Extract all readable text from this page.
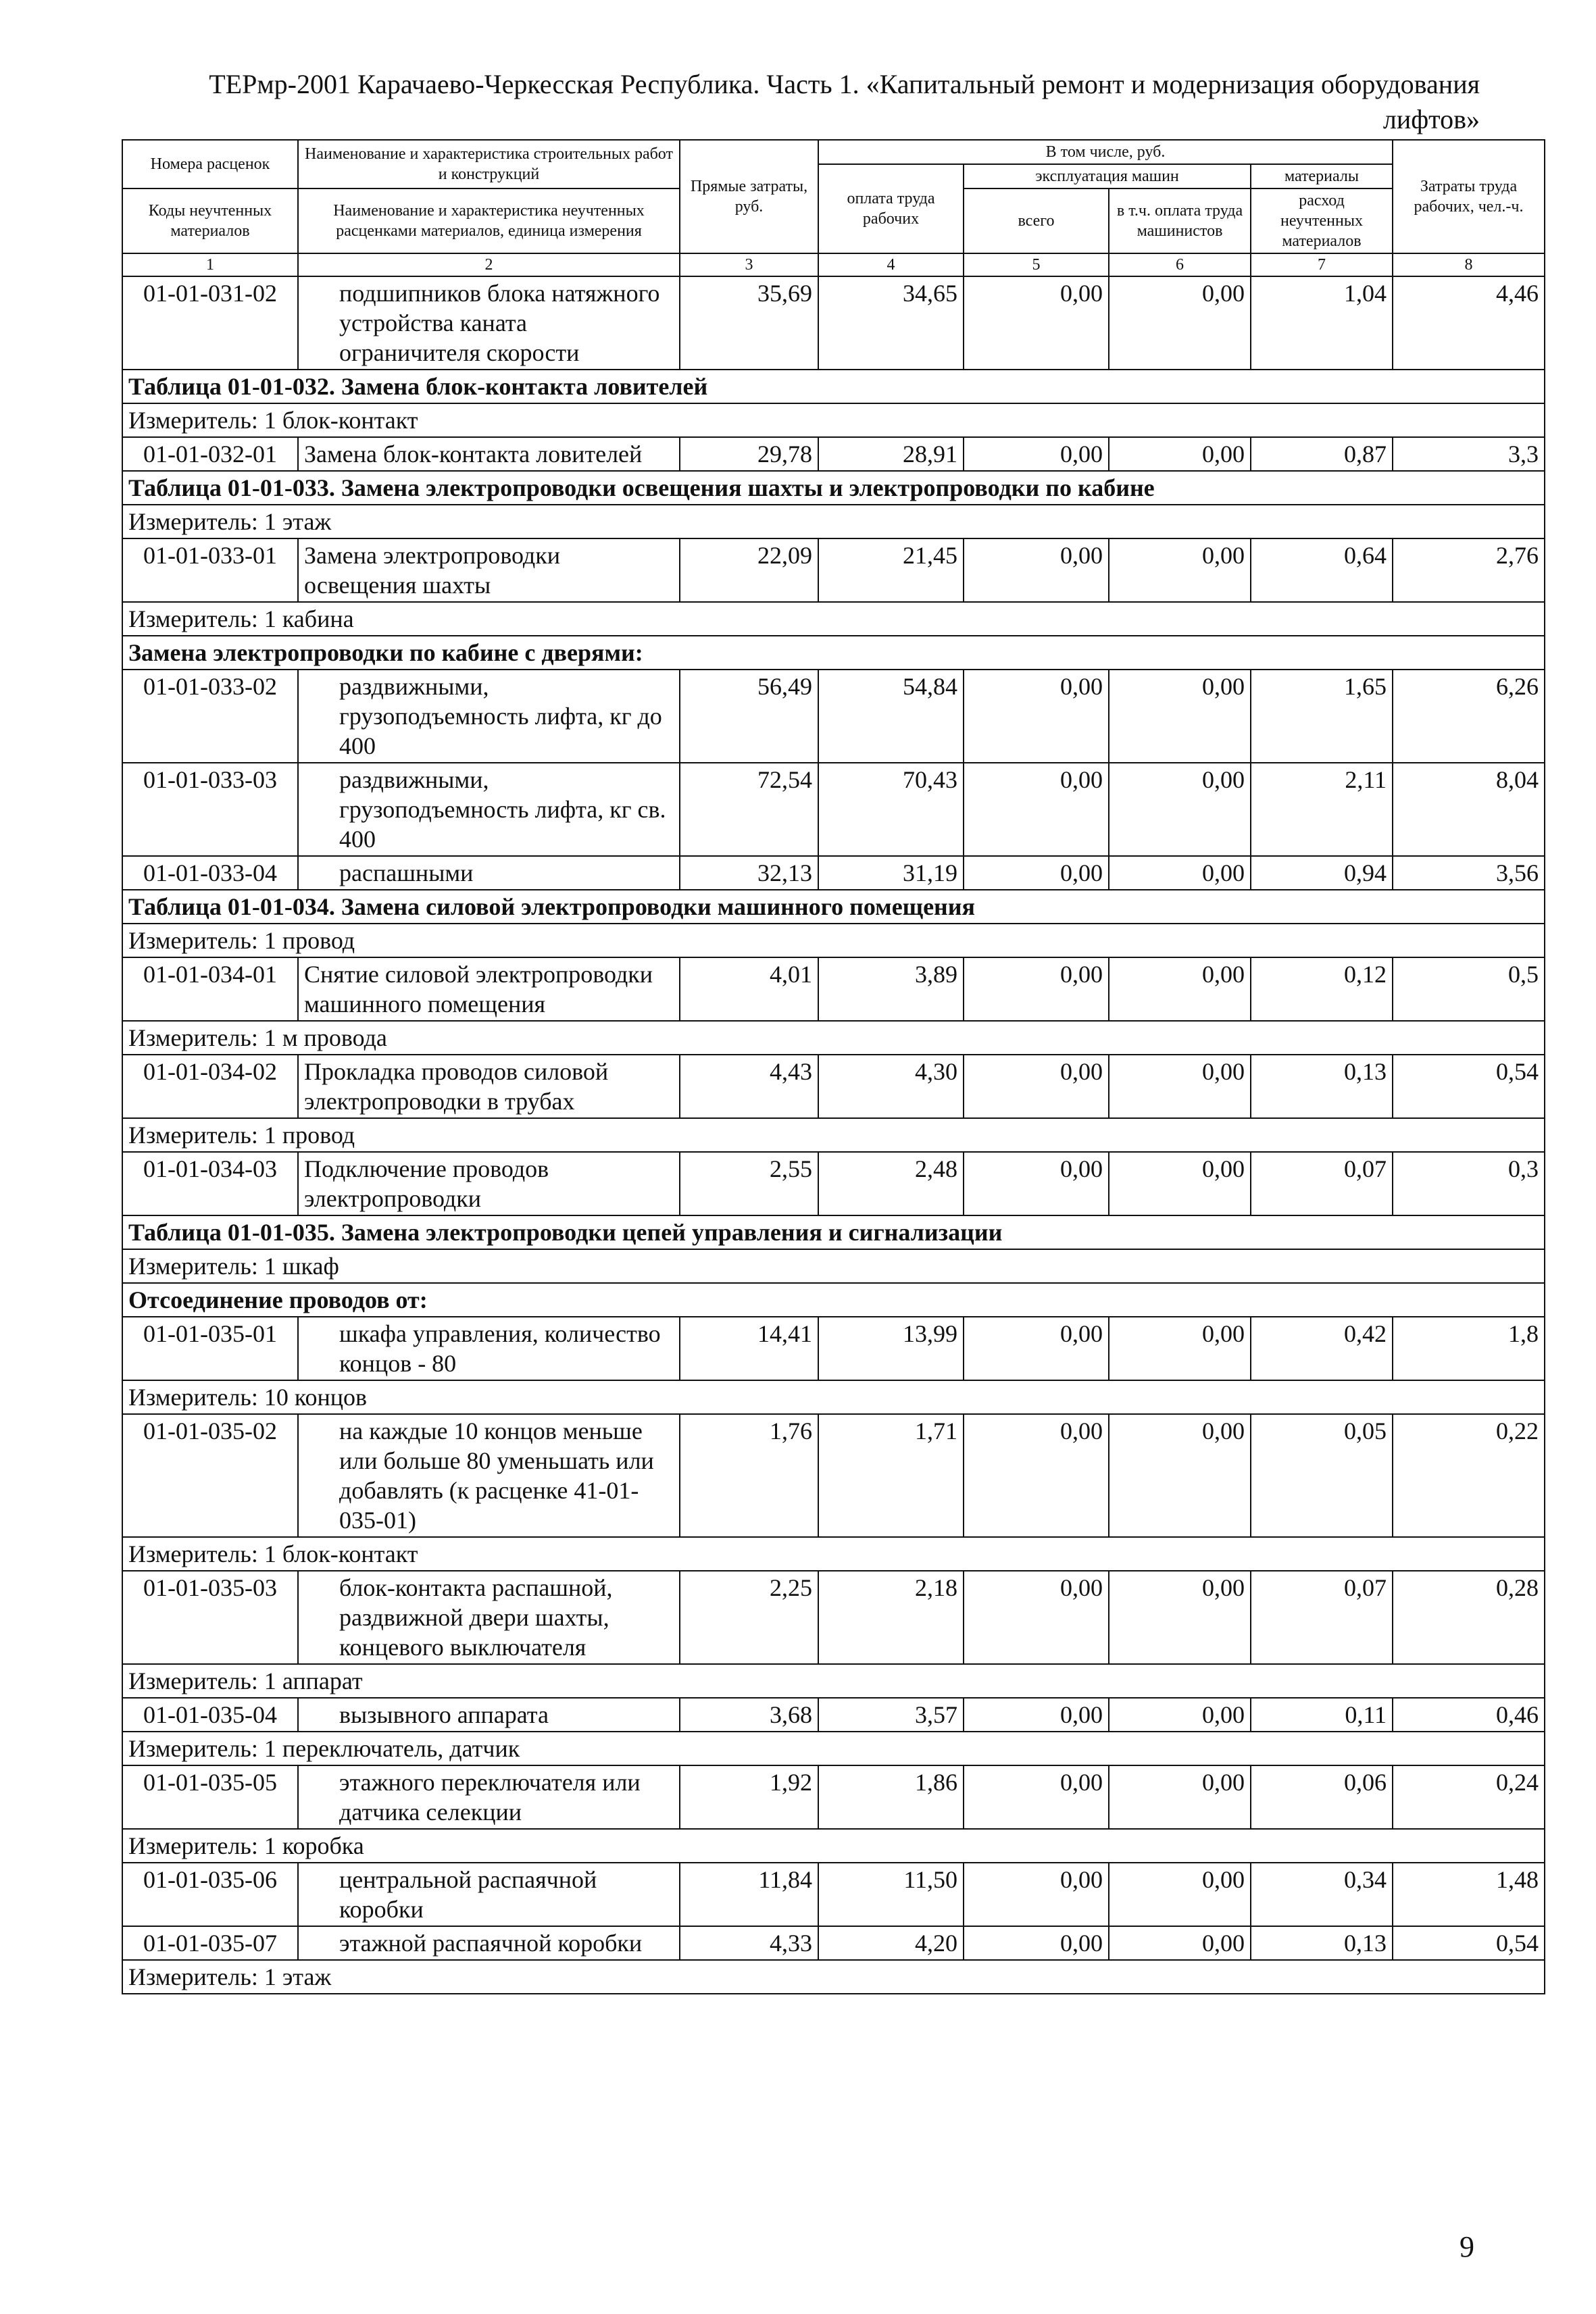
ТЕРмр-2001 Карачаево-Черкесская Республика. Часть 1. «Капитальный ремонт и модернизация оборудования
лифтов»
Номера расценок	Наименование и характеристика строительных работ и конструкций	Прямые затраты, руб.	В том числе, руб.				Затраты труда рабочих, чел.-ч.
			оплата труда рабочих	эксплуатация машин		материалы	
Коды неучтенных материалов	Наименование и характеристика неучтенных расценками материалов, единица измерения			всего	в т.ч. оплата труда машинистов	расход неучтенных материалов	

1	2	3	4	5	6	7	8
01-01-031-02	подшипников блока натяжного устройства каната ограничителя скорости	35,69	34,65	0,00	0,00	1,04	4,46
Таблица 01-01-032. Замена блок-контакта ловителей							
Измеритель: 1 блок-контакт							
01-01-032-01	Замена блок-контакта ловителей	29,78	28,91	0,00	0,00	0,87	3,3
Таблица 01-01-033. Замена электропроводки освещения шахты и электропроводки по кабине							
Измеритель: 1 этаж							
01-01-033-01	Замена электропроводки освещения шахты	22,09	21,45	0,00	0,00	0,64	2,76
Измеритель: 1 кабина							
Замена электропроводки по кабине с дверями:							
01-01-033-02	раздвижными, грузоподъемность лифта, кг до 400	56,49	54,84	0,00	0,00	1,65	6,26
01-01-033-03	раздвижными, грузоподъемность лифта, кг св. 400	72,54	70,43	0,00	0,00	2,11	8,04
01-01-033-04	распашными	32,13	31,19	0,00	0,00	0,94	3,56
Таблица 01-01-034. Замена силовой электропроводки машинного помещения							
Измеритель: 1 провод							
01-01-034-01	Снятие силовой электропроводки машинного помещения	4,01	3,89	0,00	0,00	0,12	0,5
Измеритель: 1 м провода							
01-01-034-02	Прокладка проводов силовой электропроводки в трубах	4,43	4,30	0,00	0,00	0,13	0,54
Измеритель: 1 провод							
01-01-034-03	Подключение проводов электропроводки	2,55	2,48	0,00	0,00	0,07	0,3
Таблица 01-01-035. Замена электропроводки цепей управления и сигнализации							
Измеритель: 1 шкаф							
Отсоединение проводов от:							
01-01-035-01	шкафа управления, количество концов - 80	14,41	13,99	0,00	0,00	0,42	1,8
Измеритель: 10 концов							
01-01-035-02	на каждые 10 концов меньше или больше 80 уменьшать или добавлять (к расценке 41-01-035-01)	1,76	1,71	0,00	0,00	0,05	0,22
Измеритель: 1 блок-контакт							
01-01-035-03	блок-контакта распашной, раздвижной двери шахты, концевого выключателя	2,25	2,18	0,00	0,00	0,07	0,28
Измеритель: 1 аппарат							
01-01-035-04	вызывного аппарата	3,68	3,57	0,00	0,00	0,11	0,46
Измеритель: 1 переключатель, датчик							
01-01-035-05	этажного переключателя или датчика селекции	1,92	1,86	0,00	0,00	0,06	0,24
Измеритель: 1 коробка							
01-01-035-06	центральной распаячной коробки	11,84	11,50	0,00	0,00	0,34	1,48
01-01-035-07	этажной распаячной коробки	4,33	4,20	0,00	0,00	0,13	0,54
Измеритель: 1 этаж							
9
